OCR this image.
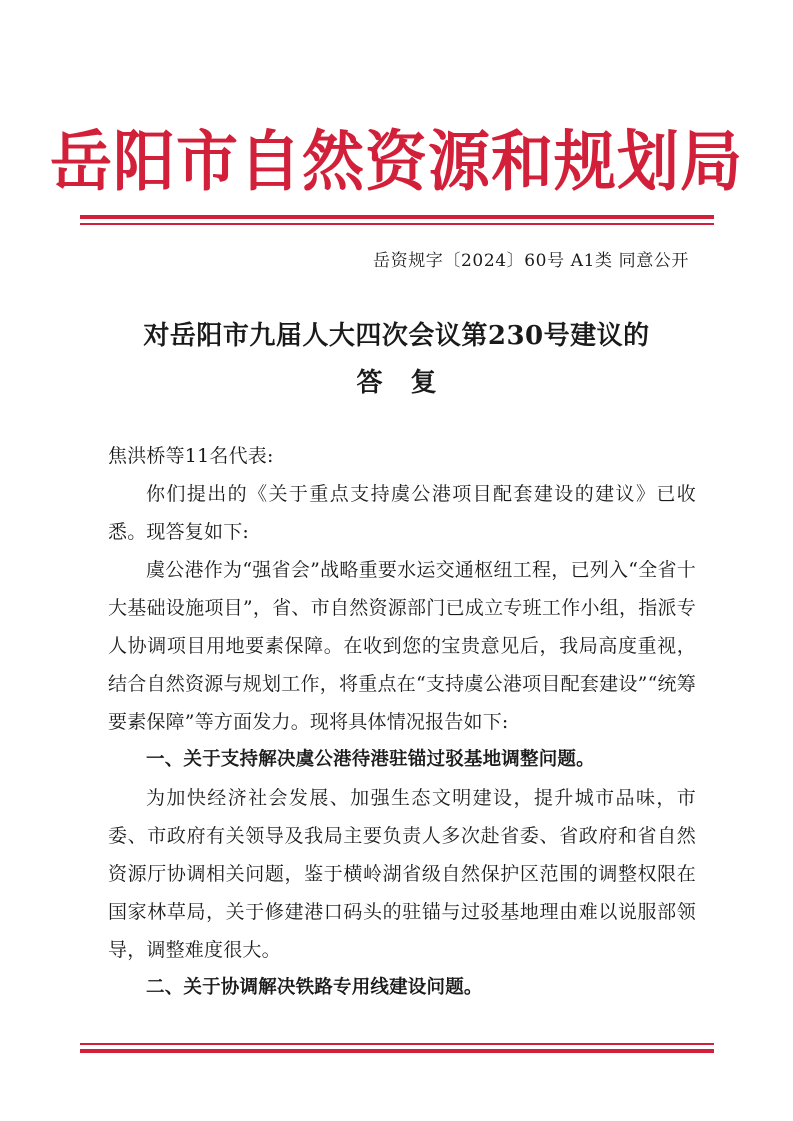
岳阳市自然资源和规划局
岳资规字〔2024〕60号 A1类 同意公开
对岳阳市九届人大四次会议第230号建议的
答复

焦洪桥等11名代表:

你们提出的《关于重点支持虞公港项目配套建设的建议》已收悉。现答复如下:

虞公港作为“强省会”战略重要水运交通枢纽工程，已列入“全省十大基础设施项目”，省、市自然资源部门已成立专班工作小组，指派专人协调项目用地要素保障。在收到您的宝贵意见后，我局高度重视，结合自然资源与规划工作，将重点在“支持虞公港项目配套建设”“统筹要素保障”等方面发力。现将具体情况报告如下:

一、关于支持解决虞公港待港驻锚过驳基地调整问题。

为加快经济社会发展、加强生态文明建设，提升城市品味，市委、市政府有关领导及我局主要负责人多次赴省委、省政府和省自然资源厅协调相关问题，鉴于横岭湖省级自然保护区范围的调整权限在国家林草局，关于修建港口码头的驻锚与过驳基地理由难以说服部领导，调整难度很大。

二、关于协调解决铁路专用线建设问题。
